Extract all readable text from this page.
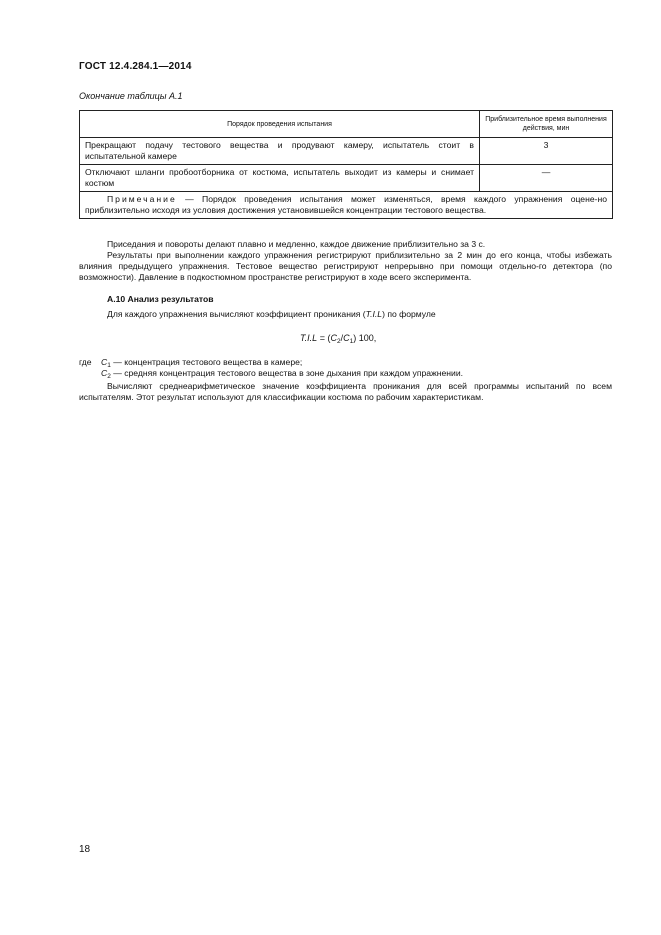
ГОСТ 12.4.284.1—2014
Окончание таблицы А.1
Порядок проведения испытания	Приблизительное время выполнения действия, мин
Прекращают подачу тестового вещества и продувают камеру, испытатель стоит в испытательной камере	3
Отключают шланги пробоотборника от костюма, испытатель выходит из камеры и снимает костюм	—
Примечание — Порядок проведения испытания может изменяться, время каждого упражнения оцене-но приблизительно исходя из условия достижения установившейся концентрации тестового вещества.	
Приседания и повороты делают плавно и медленно, каждое движение приблизительно за 3 с.
Результаты при выполнении каждого упражнения регистрируют приблизительно за 2 мин до его конца, чтобы избежать влияния предыдущего упражнения. Тестовое вещество регистрируют непрерывно при помощи отдельно-го детектора (по возможности). Давление в подкостюмном пространстве регистрируют в ходе всего эксперимента.
А.10 Анализ результатов
Для каждого упражнения вычисляют коэффициент проникания (T.I.L) по формуле
$T.I.L = (C_2/C_1)$ 100,
где $C_1$ — концентрация тестового вещества в камере;
$C_2$ — средняя концентрация тестового вещества в зоне дыхания при каждом упражнении.
Вычисляют среднеарифметическое значение коэффициента проникания для всей программы испытаний по всем испытателям. Этот результат используют для классификации костюма по рабочим характеристикам.
18
